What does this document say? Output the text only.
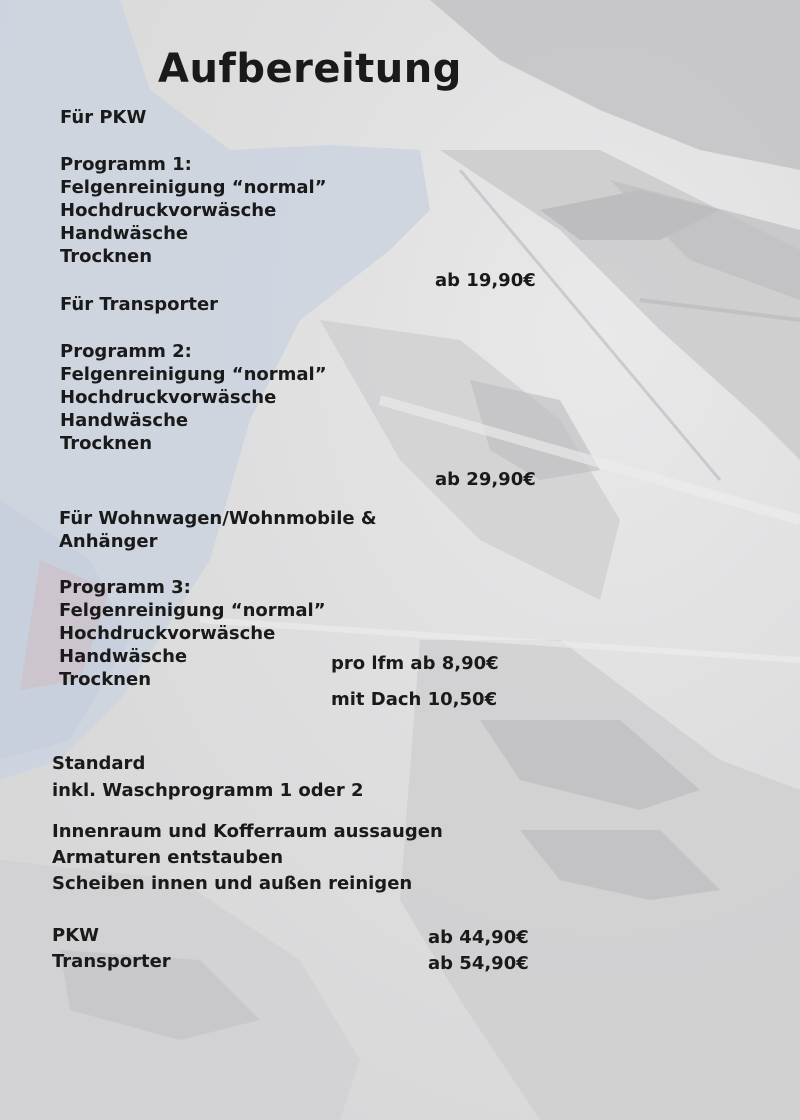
Aufbereitung
Für PKW
Programm 1:
Felgenreinigung “normal”
Hochdruckvorwäsche
Handwäsche
Trocknen
ab 19,90€
Für Transporter
Programm 2:
Felgenreinigung “normal”
Hochdruckvorwäsche
Handwäsche
Trocknen
ab 29,90€
Für Wohnwagen/Wohnmobile &
Anhänger
Programm 3:
Felgenreinigung “normal”
Hochdruckvorwäsche
Handwäsche
Trocknen
pro lfm ab 8,90€
mit Dach 10,50€
Standard
inkl. Waschprogramm 1 oder 2
Innenraum und Kofferraum aussaugen
Armaturen entstauben
Scheiben innen und außen reinigen
PKW	ab 44,90€
Transporter	ab 54,90€
